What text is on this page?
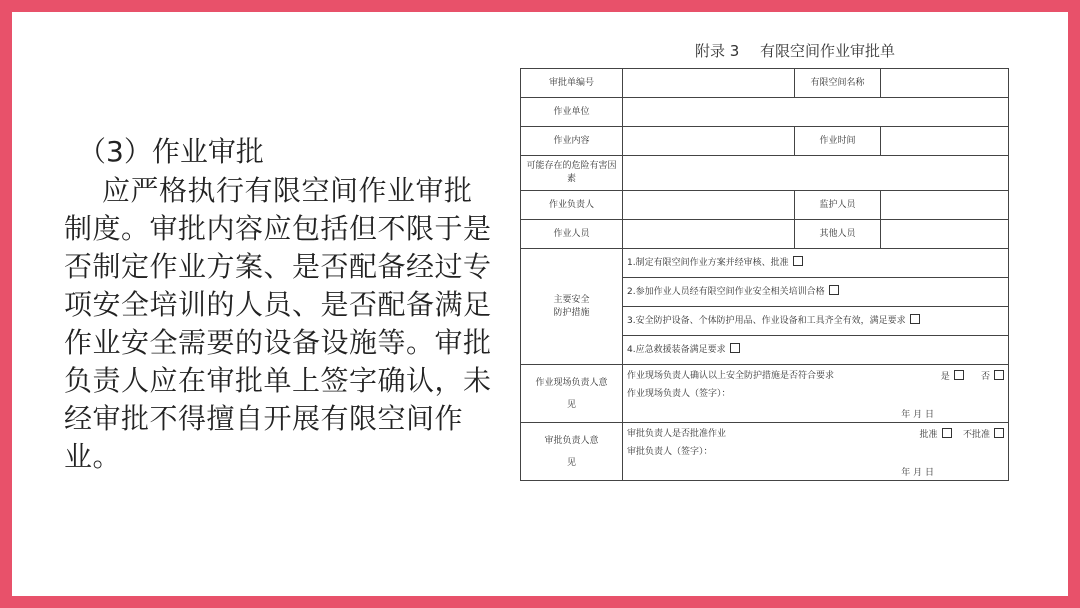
（3）作业审批

应严格执行有限空间作业审批制度。审批内容应包括但不限于是否制定作业方案、是否配备经过专项安全培训的人员、是否配备满足作业安全需要的设备设施等。审批负责人应在审批单上签字确认，未经审批不得擅自开展有限空间作业。

附录 3 有限空间作业审批单
审批单编号		有限空间名称	
作业单位			
作业内容		作业时间	
可能存在的危险有害因素			
作业负责人		监护人员	
作业人员		其他人员	
主要安全防护措施	1.制定有限空间作业方案并经审核、批准		
	2.参加作业人员经有限空间作业安全相关培训合格		
	3.安全防护设备、个体防护用品、作业设备和工具齐全有效，满足要求		
	4.应急救援装备满足要求		
作业现场负责人意见	作业现场负责人确认以上安全防护措施是否符合要求 是 否
作业现场负责人（签字）：
年 月 日		

审批负责人意见	审批负责人是否批准作业 批准 不批准
审批负责人（签字）：
年 月 日		
